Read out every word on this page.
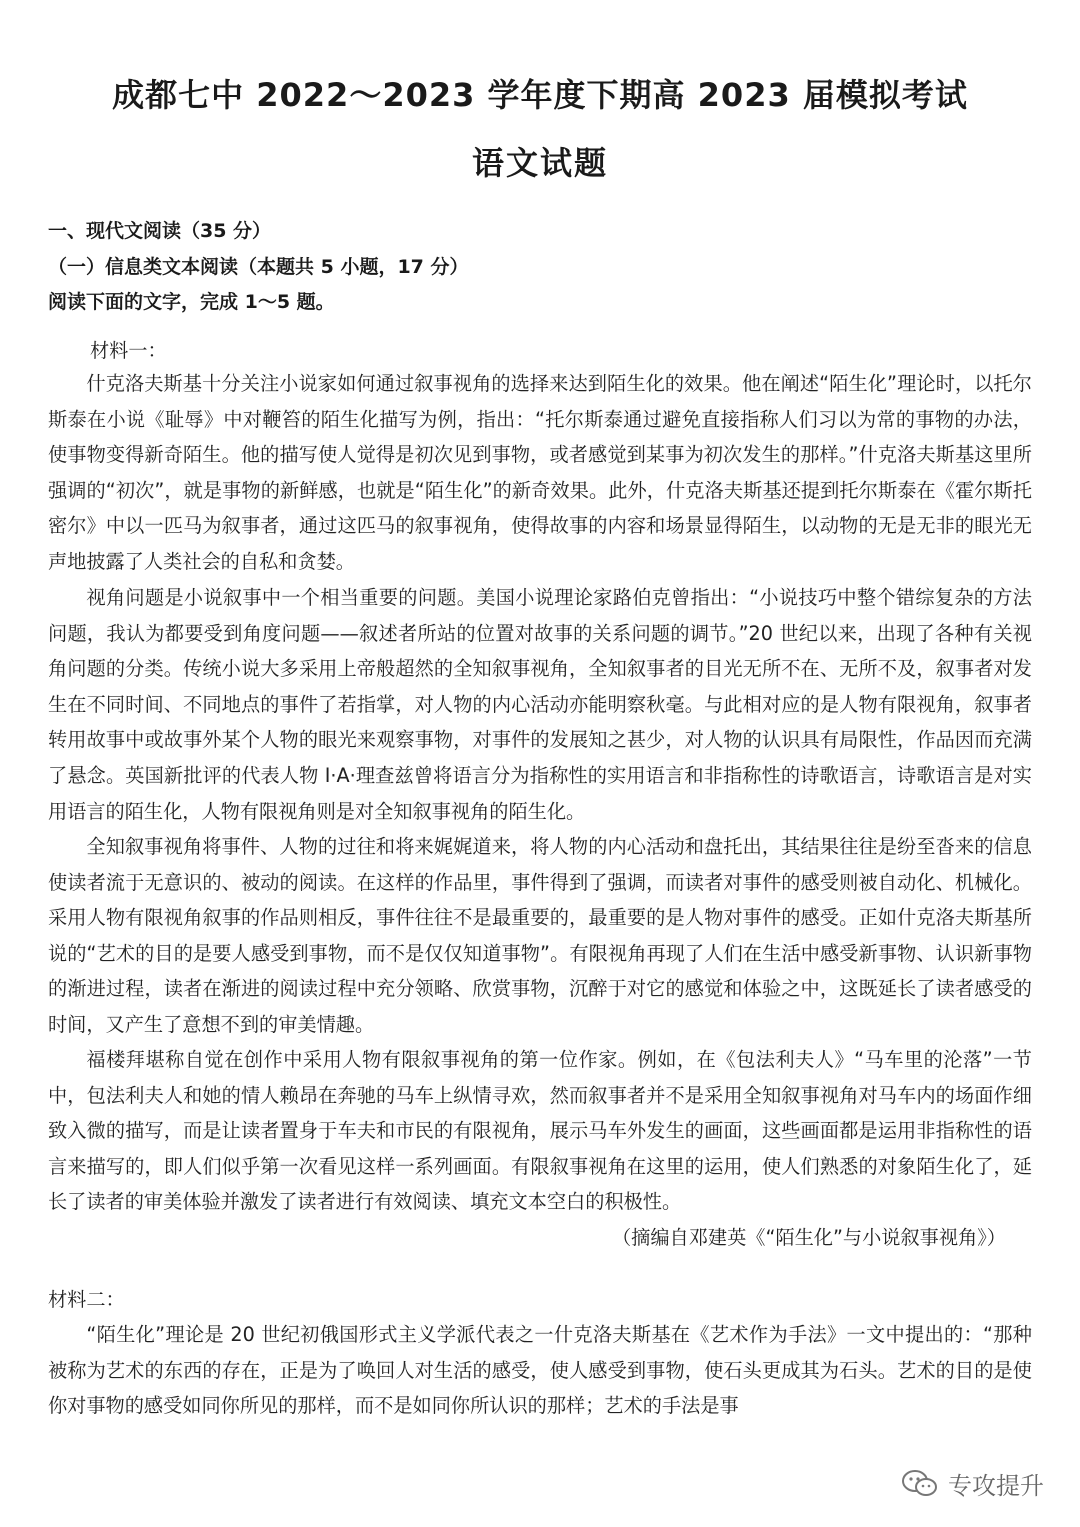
成都七中 2022～2023 学年度下期高 2023 届模拟考试
语文试题
一、现代文阅读（35 分）
（一）信息类文本阅读（本题共 5 小题，17 分）
阅读下面的文字，完成 1～5 题。
材料一：

什克洛夫斯基十分关注小说家如何通过叙事视角的选择来达到陌生化的效果。他在阐述“陌生化”理论时，以托尔斯泰在小说《耻辱》中对鞭笞的陌生化描写为例，指出：“托尔斯泰通过避免直接指称人们习以为常的事物的办法，使事物变得新奇陌生。他的描写使人觉得是初次见到事物，或者感觉到某事为初次发生的那样。”什克洛夫斯基这里所强调的“初次”，就是事物的新鲜感，也就是“陌生化”的新奇效果。此外，什克洛夫斯基还提到托尔斯泰在《霍尔斯托密尔》中以一匹马为叙事者，通过这匹马的叙事视角，使得故事的内容和场景显得陌生，以动物的无是无非的眼光无声地披露了人类社会的自私和贪婪。

视角问题是小说叙事中一个相当重要的问题。美国小说理论家路伯克曾指出：“小说技巧中整个错综复杂的方法问题，我认为都要受到角度问题——叙述者所站的位置对故事的关系问题的调节。”20 世纪以来，出现了各种有关视角问题的分类。传统小说大多采用上帝般超然的全知叙事视角，全知叙事者的目光无所不在、无所不及，叙事者对发生在不同时间、不同地点的事件了若指掌，对人物的内心活动亦能明察秋毫。与此相对应的是人物有限视角，叙事者转用故事中或故事外某个人物的眼光来观察事物，对事件的发展知之甚少，对人物的认识具有局限性，作品因而充满了悬念。英国新批评的代表人物 I·A·理查兹曾将语言分为指称性的实用语言和非指称性的诗歌语言，诗歌语言是对实用语言的陌生化，人物有限视角则是对全知叙事视角的陌生化。

全知叙事视角将事件、人物的过往和将来娓娓道来，将人物的内心活动和盘托出，其结果往往是纷至沓来的信息使读者流于无意识的、被动的阅读。在这样的作品里，事件得到了强调，而读者对事件的感受则被自动化、机械化。采用人物有限视角叙事的作品则相反，事件往往不是最重要的，最重要的是人物对事件的感受。正如什克洛夫斯基所说的“艺术的目的是要人感受到事物，而不是仅仅知道事物”。有限视角再现了人们在生活中感受新事物、认识新事物的渐进过程，读者在渐进的阅读过程中充分领略、欣赏事物，沉醉于对它的感觉和体验之中，这既延长了读者感受的时间，又产生了意想不到的审美情趣。

福楼拜堪称自觉在创作中采用人物有限叙事视角的第一位作家。例如，在《包法利夫人》“马车里的沦落”一节中，包法利夫人和她的情人赖昂在奔驰的马车上纵情寻欢，然而叙事者并不是采用全知叙事视角对马车内的场面作细致入微的描写，而是让读者置身于车夫和市民的有限视角，展示马车外发生的画面，这些画面都是运用非指称性的语言来描写的，即人们似乎第一次看见这样一系列画面。有限叙事视角在这里的运用，使人们熟悉的对象陌生化了，延长了读者的审美体验并激发了读者进行有效阅读、填充文本空白的积极性。

（摘编自邓建英《“陌生化”与小说叙事视角》）
材料二：

“陌生化”理论是 20 世纪初俄国形式主义学派代表之一什克洛夫斯基在《艺术作为手法》一文中提出的：“那种被称为艺术的东西的存在，正是为了唤回人对生活的感受，使人感受到事物，使石头更成其为石头。艺术的目的是使你对事物的感受如同你所见的那样，而不是如同你所认识的那样；艺术的手法是事

专攻提升
